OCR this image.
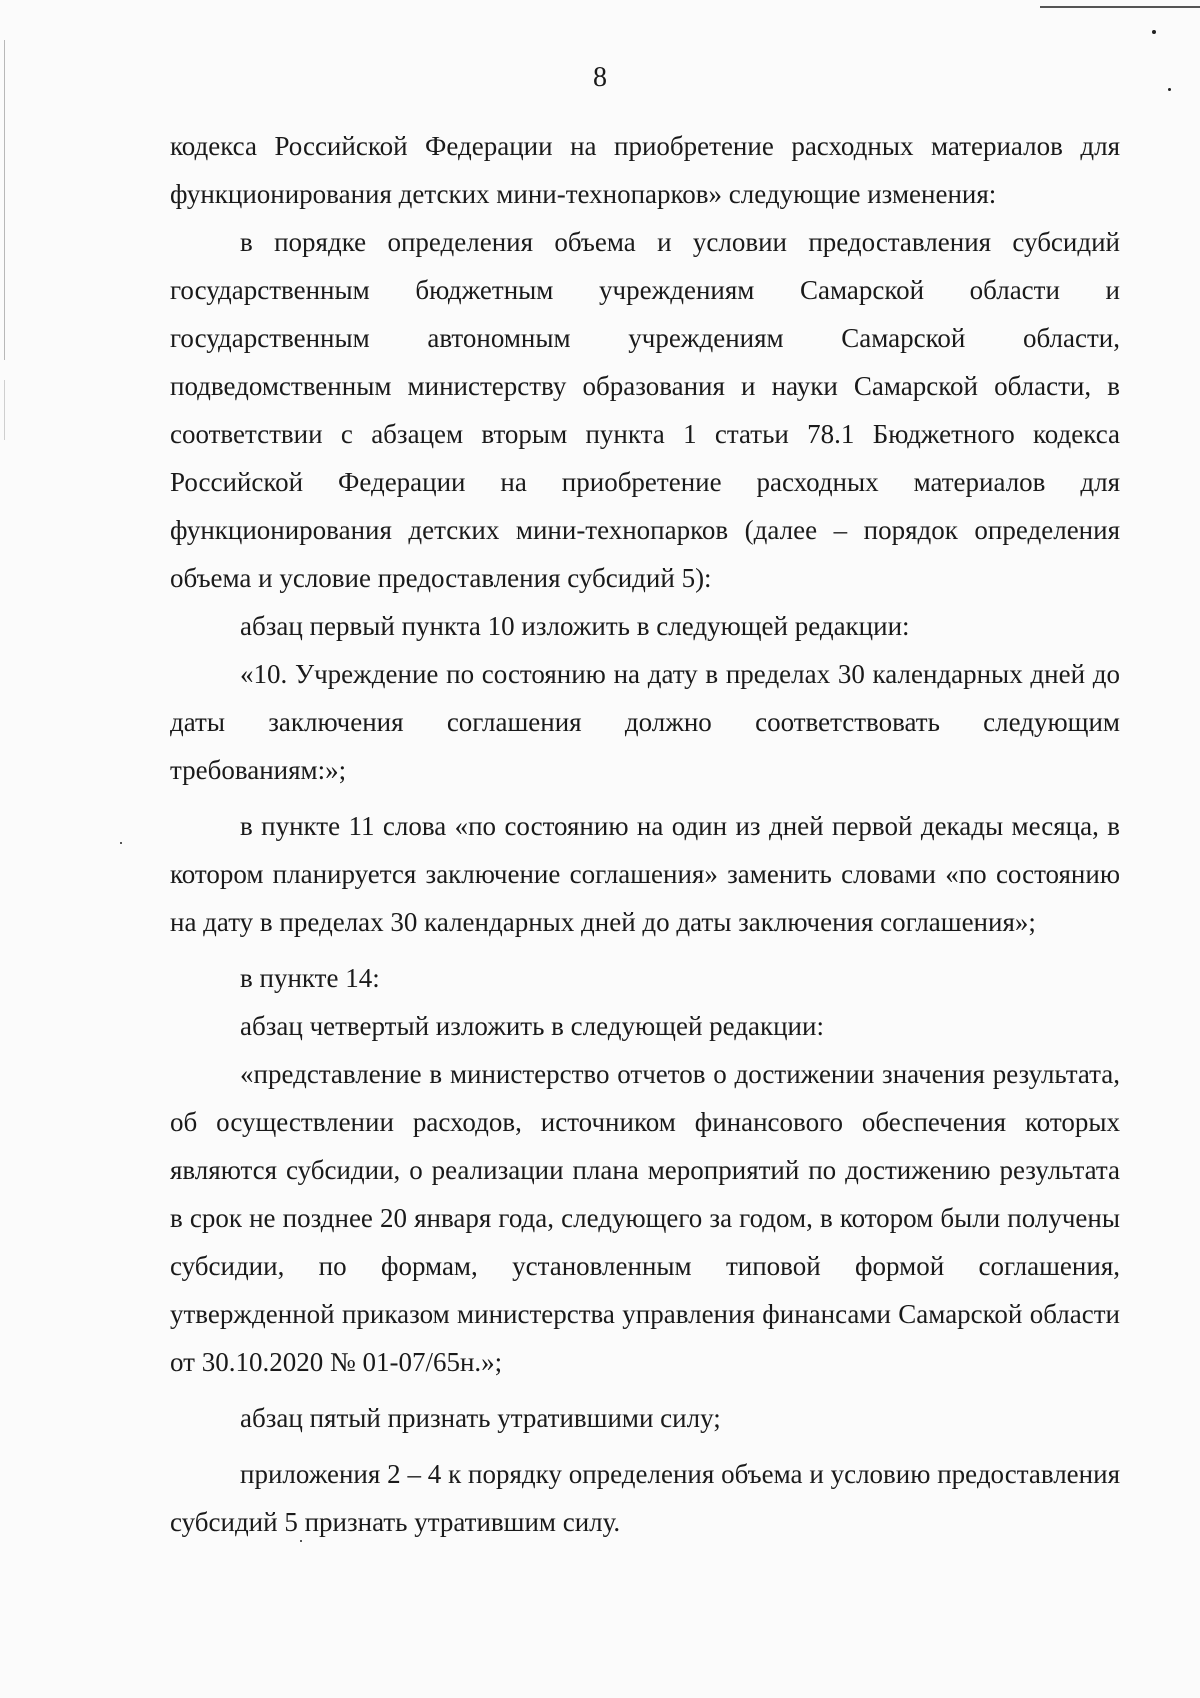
8

кодекса Российской Федерации на приобретение расходных материалов для функционирования детских мини-технопарков» следующие изменения:

в порядке определения объема и условии предоставления субсидий государственным бюджетным учреждениям Самарской области и государственным автономным учреждениям Самарской области, подведомственным министерству образования и науки Самарской области, в соответствии с абзацем вторым пункта 1 статьи 78.1 Бюджетного кодекса Российской Федерации на приобретение расходных материалов для функционирования детских мини-технопарков (далее – порядок определения объема и условие предоставления субсидий 5):

абзац первый пункта 10 изложить в следующей редакции:

«10. Учреждение по состоянию на дату в пределах 30 календарных дней до даты заключения соглашения должно соответствовать следующим требованиям:»;

в пункте 11 слова «по состоянию на один из дней первой декады месяца, в котором планируется заключение соглашения» заменить словами «по состоянию на дату в пределах 30 календарных дней до даты заключения соглашения»;

в пункте 14:

абзац четвертый изложить в следующей редакции:

«представление в министерство отчетов о достижении значения результата, об осуществлении расходов, источником финансового обеспечения которых являются субсидии, о реализации плана мероприятий по достижению результата в срок не позднее 20 января года, следующего за годом, в котором были получены субсидии, по формам, установленным типовой формой соглашения, утвержденной приказом министерства управления финансами Самарской области от 30.10.2020 № 01-07/65н.»;

абзац пятый признать утратившими силу;

приложения 2 – 4 к порядку определения объема и условию предоставления субсидий 5 признать утратившим силу.
